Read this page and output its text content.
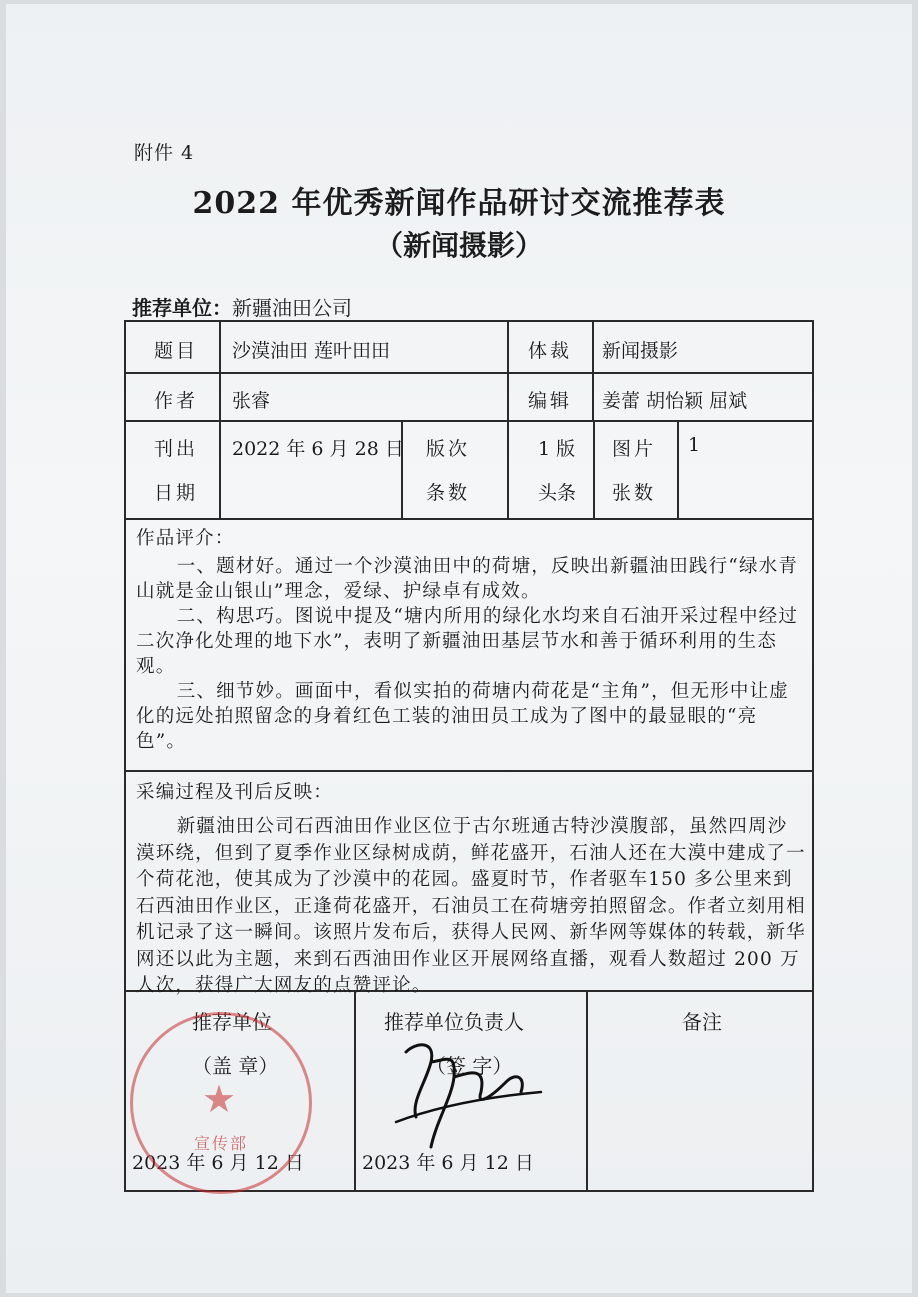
附件 4
2022 年优秀新闻作品研讨交流推荐表
（新闻摄影）
推荐单位：新疆油田公司
题目 沙漠油田 莲叶田田	体裁 新闻摄影
作者 张睿	编辑 姜蕾 胡怡颖 屈斌
刊出
日期
2022 年 6 月 28 日 版次
条数
1 版
头条
图片
张数
1
作品评介：
一、题材好。通过一个沙漠油田中的荷塘，反映出新疆油田践行“绿水青山就是金山银山”理念，爱绿、护绿卓有成效。
二、构思巧。图说中提及“塘内所用的绿化水均来自石油开采过程中经过二次净化处理的地下水”，表明了新疆油田基层节水和善于循环利用的生态观。
三、细节妙。画面中，看似实拍的荷塘内荷花是“主角”，但无形中让虚化的远处拍照留念的身着红色工装的油田员工成为了图中的最显眼的“亮色”。
采编过程及刊后反映：
新疆油田公司石西油田作业区位于古尔班通古特沙漠腹部，虽然四周沙漠环绕，但到了夏季作业区绿树成荫，鲜花盛开，石油人还在大漠中建成了一个荷花池，使其成为了沙漠中的花园。盛夏时节，作者驱车150 多公里来到石西油田作业区，正逢荷花盛开，石油员工在荷塘旁拍照留念。作者立刻用相机记录了这一瞬间。该照片发布后，获得人民网、新华网等媒体的转载，新华网还以此为主题，来到石西油田作业区开展网络直播，观看人数超过 200 万人次，获得广大网友的点赞评论。
推荐单位
（盖 章）
2023 年 6 月 12 日
推荐单位负责人
（签 字）
2023 年 6 月 12 日
备注
★
宣传部
